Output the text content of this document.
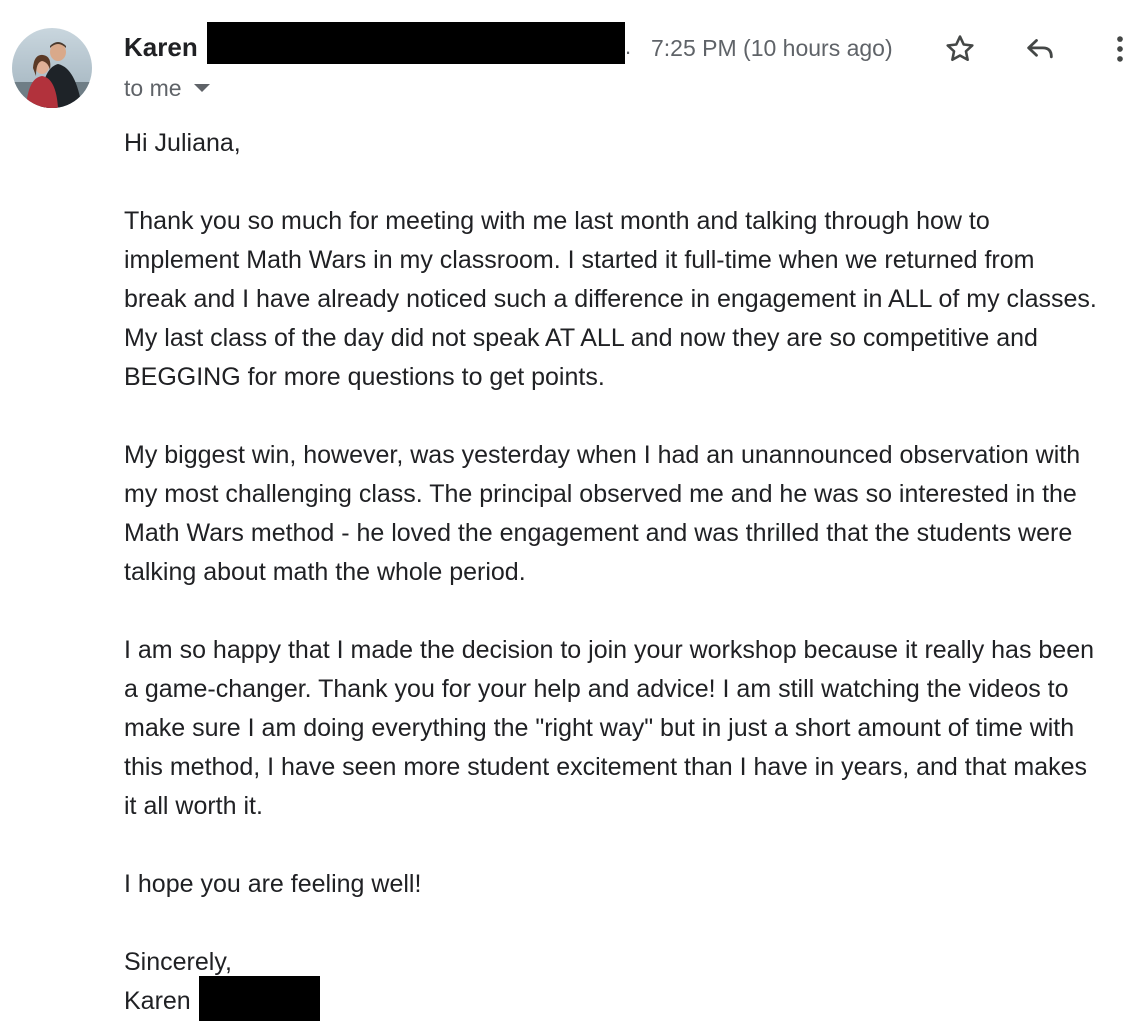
Karen	. 7:25 PM (10 hours ago)
to me
Hi Juliana,
Thank you so much for meeting with me last month and talking through how to
implement Math Wars in my classroom. I started it full-time when we returned from
break and I have already noticed such a difference in engagement in ALL of my classes.
My last class of the day did not speak AT ALL and now they are so competitive and
BEGGING for more questions to get points.
My biggest win, however, was yesterday when I had an unannounced observation with
my most challenging class. The principal observed me and he was so interested in the
Math Wars method - he loved the engagement and was thrilled that the students were
talking about math the whole period.
I am so happy that I made the decision to join your workshop because it really has been
a game-changer. Thank you for your help and advice! I am still watching the videos to
make sure I am doing everything the "right way" but in just a short amount of time with
this method, I have seen more student excitement than I have in years, and that makes
it all worth it.
I hope you are feeling well!
Sincerely,
Karen
